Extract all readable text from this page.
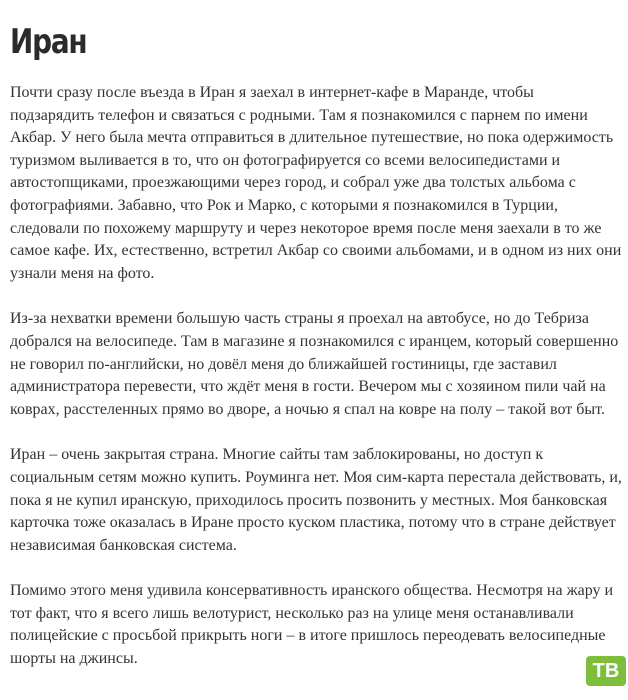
Иран

Почти сразу после въезда в Иран я заехал в интернет-кафе в Маранде, чтобы подзарядить телефон и связаться с родными. Там я познакомился с парнем по имени Акбар. У него была мечта отправиться в длительное путешествие, но пока одержимость туризмом выливается в то, что он фотографируется со всеми велосипедистами и автостопщиками, проезжающими через город, и собрал уже два толстых альбома с фотографиями. Забавно, что Рок и Марко, с которыми я познакомился в Турции, следовали по похожему маршруту и через некоторое время после меня заехали в то же самое кафе. Их, естественно, встретил Акбар со своими альбомами, и в одном из них они узнали меня на фото.

Из-за нехватки времени большую часть страны я проехал на автобусе, но до Тебриза добрался на велосипеде. Там в магазине я познакомился с иранцем, который совершенно не говорил по-английски, но довёл меня до ближайшей гостиницы, где заставил администратора перевести, что ждёт меня в гости. Вечером мы с хозяином пили чай на коврах, расстеленных прямо во дворе, а ночью я спал на ковре на полу – такой вот быт.

Иран – очень закрытая страна. Многие сайты там заблокированы, но доступ к социальным сетям можно купить. Роуминга нет. Моя сим-карта перестала действовать, и, пока я не купил иранскую, приходилось просить позвонить у местных. Моя банковская карточка тоже оказалась в Иране просто куском пластика, потому что в стране действует независимая банковская система.

Помимо этого меня удивила консервативность иранского общества. Несмотря на жару и тот факт, что я всего лишь велотурист, несколько раз на улице меня останавливали полицейские с просьбой прикрыть ноги – в итоге пришлось переодевать велосипедные шорты на джинсы.

ТВ
